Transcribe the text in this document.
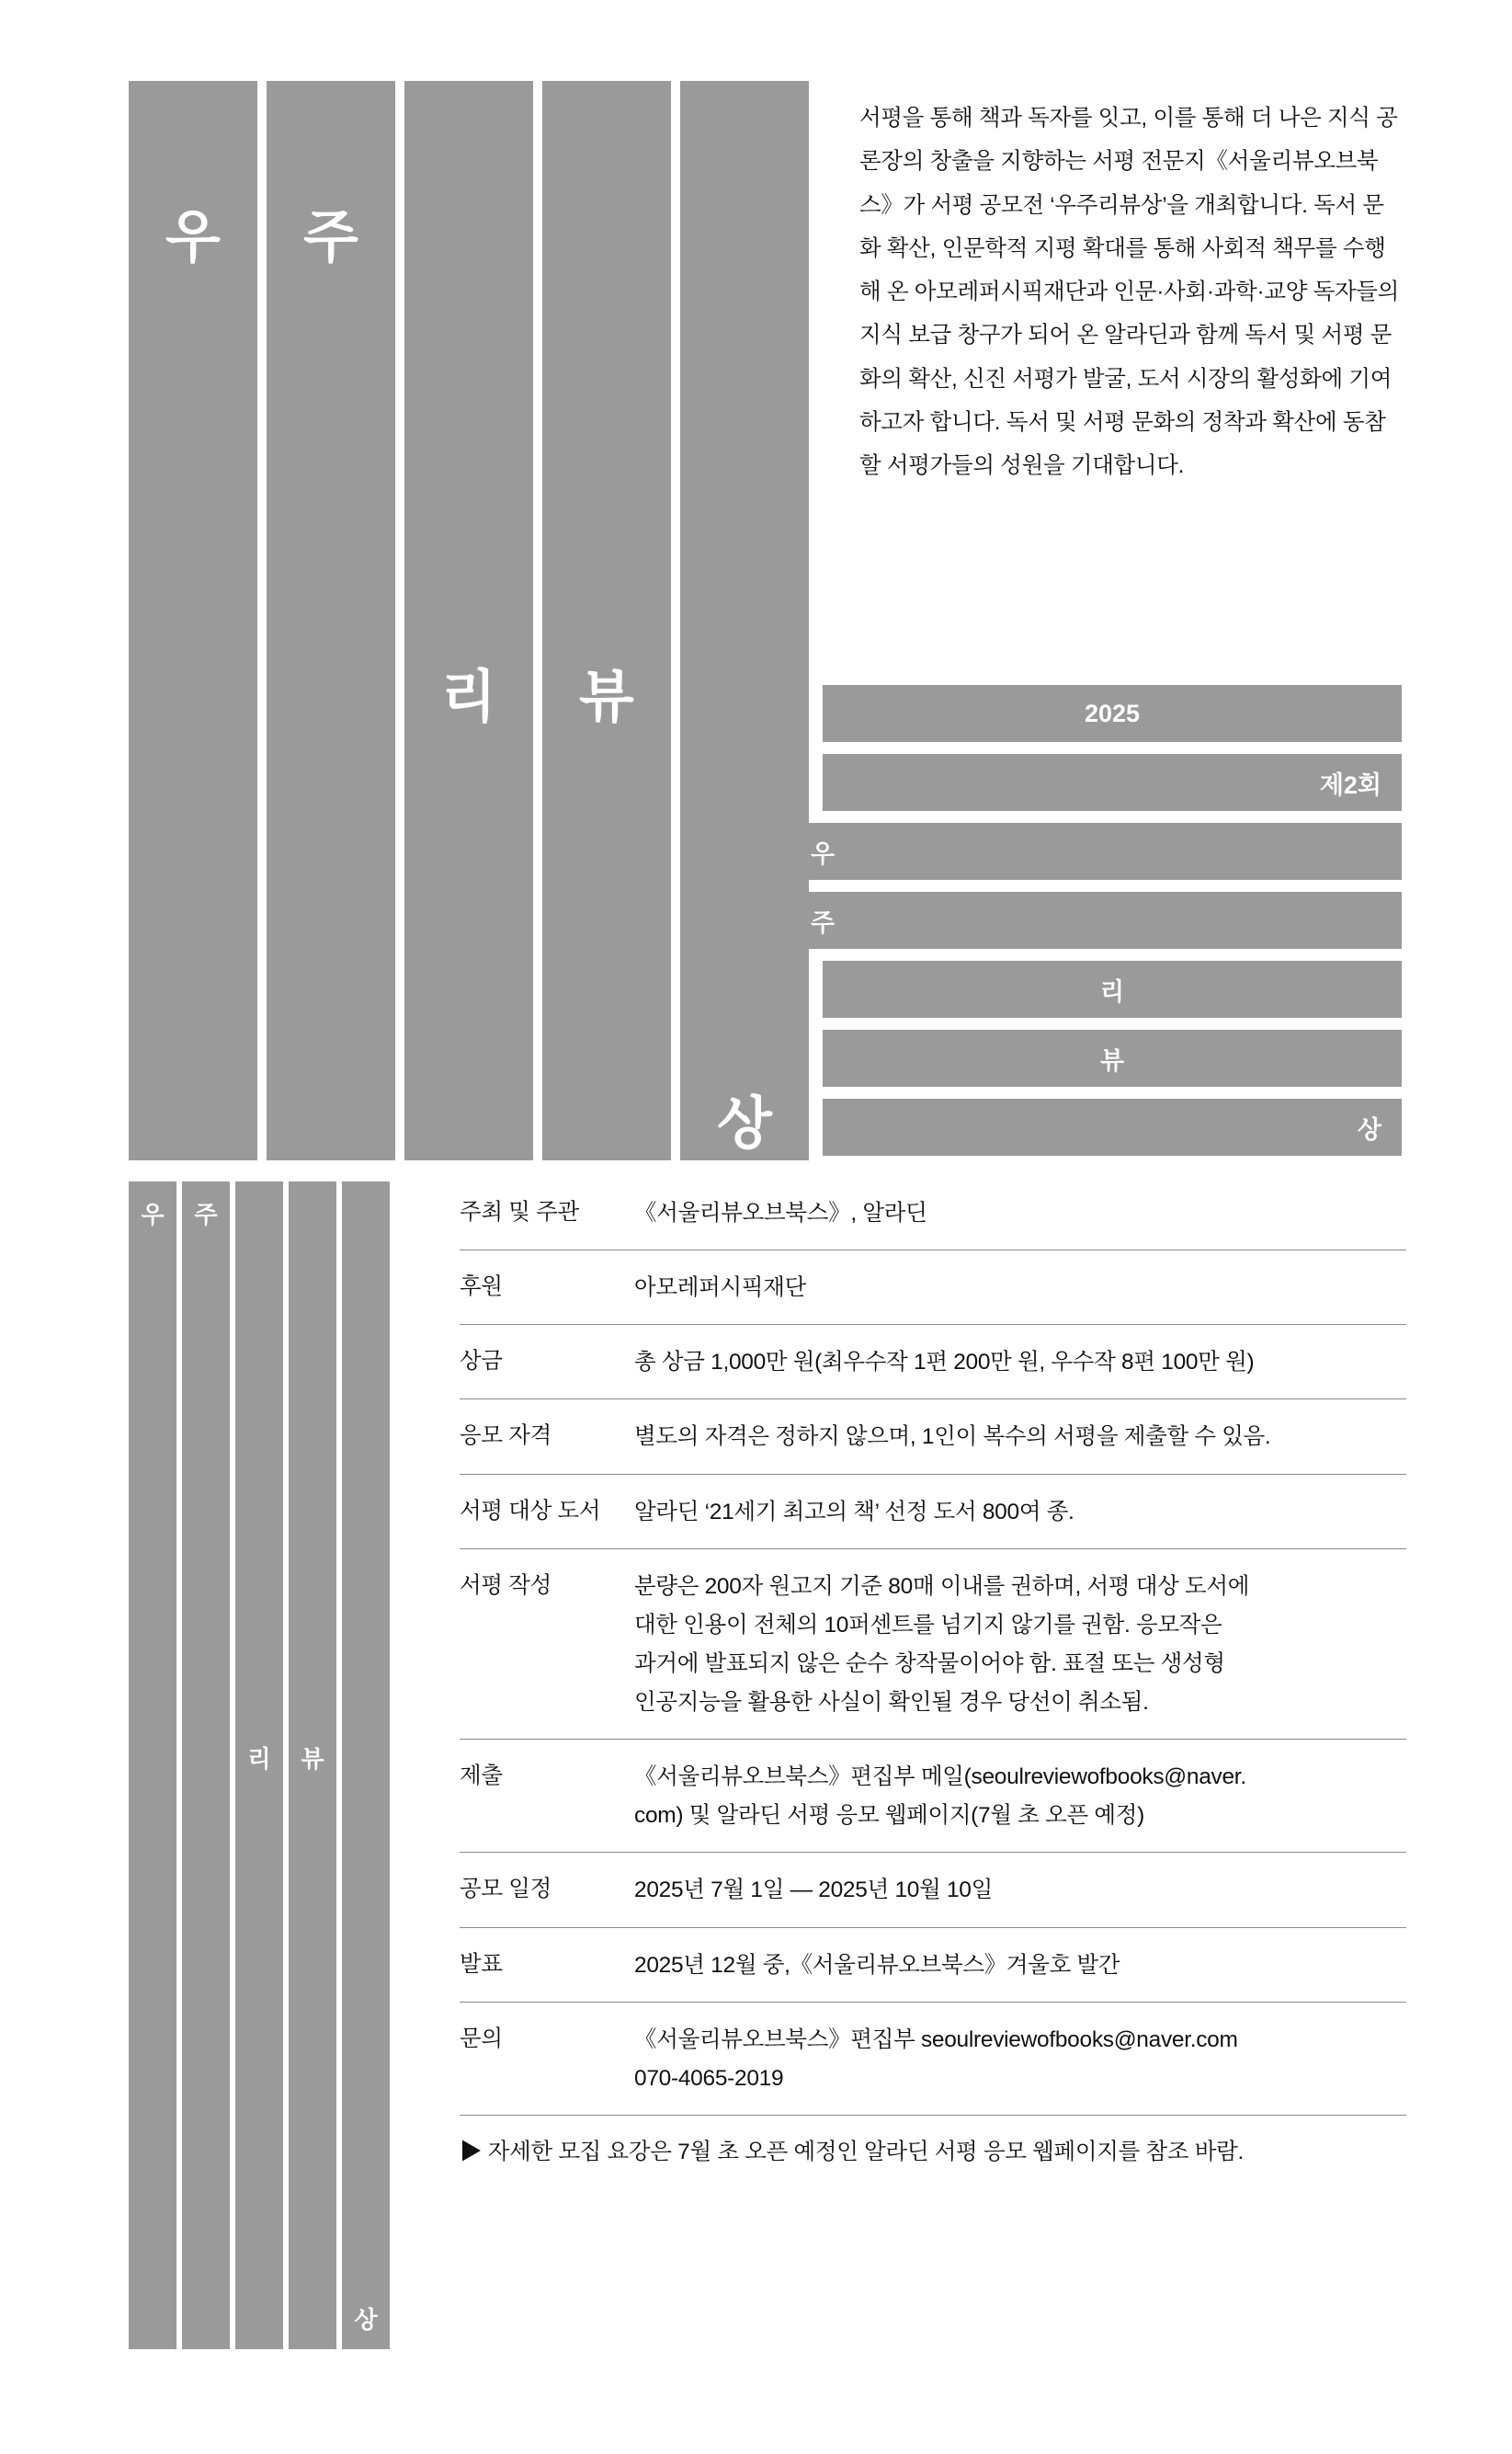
우	주
리	뷰
상
서평을 통해 책과 독자를 잇고, 이를 통해 더 나은 지식 공론장의 창출을 지향하는 서평 전문지《서울리뷰오브북스》가 서평 공모전 ‘우주리뷰상’을 개최합니다. 독서 문화 확산, 인문학적 지평 확대를 통해 사회적 책무를 수행해 온 아모레퍼시픽재단과 인문·사회·과학·교양 독자들의 지식 보급 창구가 되어 온 알라딘과 함께 독서 및 서평 문화의 확산, 신진 서평가 발굴, 도서 시장의 활성화에 기여하고자 합니다. 독서 및 서평 문화의 정착과 확산에 동참할 서평가들의 성원을 기대합니다.
2025
제2회
우
주
리
뷰
상
우	주
리	뷰
상
주최 및 주관	《서울리뷰오브북스》, 알라딘
후원	아모레퍼시픽재단
상금	총 상금 1,000만 원(최우수작 1편 200만 원, 우수작 8편 100만 원)
응모 자격	별도의 자격은 정하지 않으며, 1인이 복수의 서평을 제출할 수 있음.
서평 대상 도서	알라딘 ‘21세기 최고의 책’ 선정 도서 800여 종.
서평 작성	분량은 200자 원고지 기준 80매 이내를 권하며, 서평 대상 도서에
대한 인용이 전체의 10퍼센트를 넘기지 않기를 권함. 응모작은
과거에 발표되지 않은 순수 창작물이어야 함. 표절 또는 생성형
인공지능을 활용한 사실이 확인될 경우 당선이 취소됨.
제출	《서울리뷰오브북스》편집부 메일(seoulreviewofbooks@naver.
com) 및 알라딘 서평 응모 웹페이지(7월 초 오픈 예정)
공모 일정	2025년 7월 1일 — 2025년 10월 10일
발표	2025년 12월 중,《서울리뷰오브북스》겨울호 발간
문의	《서울리뷰오브북스》편집부 seoulreviewofbooks@naver.com
070-4065-2019
▶ 자세한 모집 요강은 7월 초 오픈 예정인 알라딘 서평 응모 웹페이지를 참조 바람.
